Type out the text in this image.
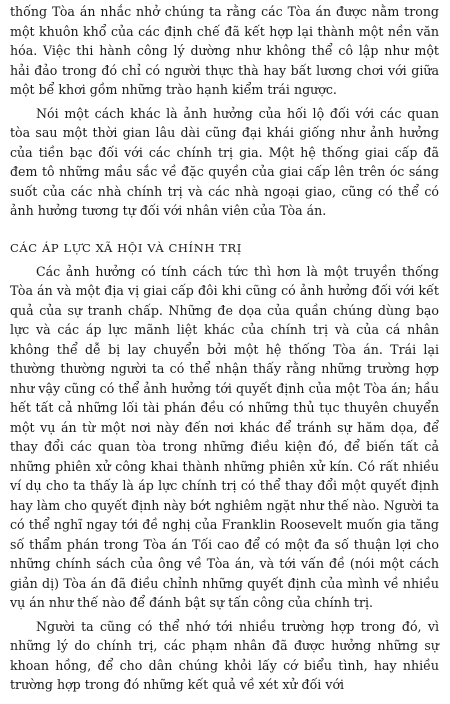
thống Tòa án nhắc nhở chúng ta rằng các Tòa án được nằm trong một khuôn khổ của các định chế đã kết hợp lại thành một nền văn hóa. Việc thi hành công lý dường như không thể cô lập như một hải đảo trong đó chỉ có người thực thà hay bất lương chơi với giữa một bể khơi gồm những trào hạnh kiểm trái ngược.

Nói một cách khác là ảnh hưởng của hối lộ đối với các quan tòa sau một thời gian lâu dài cũng đại khái giống như ảnh hưởng của tiền bạc đối với các chính trị gia. Một hệ thống giai cấp đã đem tô những mầu sắc về đặc quyền của giai cấp lên trên óc sáng suốt của các nhà chính trị và các nhà ngoại giao, cũng có thể có ảnh hưởng tương tự đối với nhân viên của Tòa án.

CÁC ÁP LỰC XÃ HỘI VÀ CHÍNH TRỊ

Các ảnh hưởng có tính cách tức thì hơn là một truyền thống Tòa án và một địa vị giai cấp đôi khi cũng có ảnh hưởng đối với kết quả của sự tranh chấp. Những đe dọa của quần chúng dùng bạo lực và các áp lực mãnh liệt khác của chính trị và của cá nhân không thể dễ bị lay chuyển bởi một hệ thống Tòa án. Trái lại thường thường người ta có thể nhận thấy rằng những trường hợp như vậy cũng có thể ảnh hưởng tới quyết định của một Tòa án; hầu hết tất cả những lối tài phán đều có những thủ tục thuyên chuyển một vụ án từ một nơi này đến nơi khác để tránh sự hăm dọa, để thay đổi các quan tòa trong những điều kiện đó, để biến tất cả những phiên xử công khai thành những phiên xử kín. Có rất nhiều ví dụ cho ta thấy là áp lực chính trị có thể thay đổi một quyết định hay làm cho quyết định này bớt nghiêm ngặt như thế nào. Người ta có thể nghĩ ngay tới đề nghị của Franklin Roosevelt muốn gia tăng số thẩm phán trong Tòa án Tối cao để có một đa số thuận lợi cho những chính sách của ông về Tòa án, và tới vấn đề (nói một cách giản dị) Tòa án đã điều chỉnh những quyết định của mình về nhiều vụ án như thế nào để đánh bật sự tấn công của chính trị.

Người ta cũng có thể nhớ tới nhiều trường hợp trong đó, vì những lý do chính trị, các phạm nhân đã được hưởng những sự khoan hồng, để cho dân chúng khỏi lấy cớ biểu tình, hay nhiều trường hợp trong đó những kết quả về xét xử đối với
